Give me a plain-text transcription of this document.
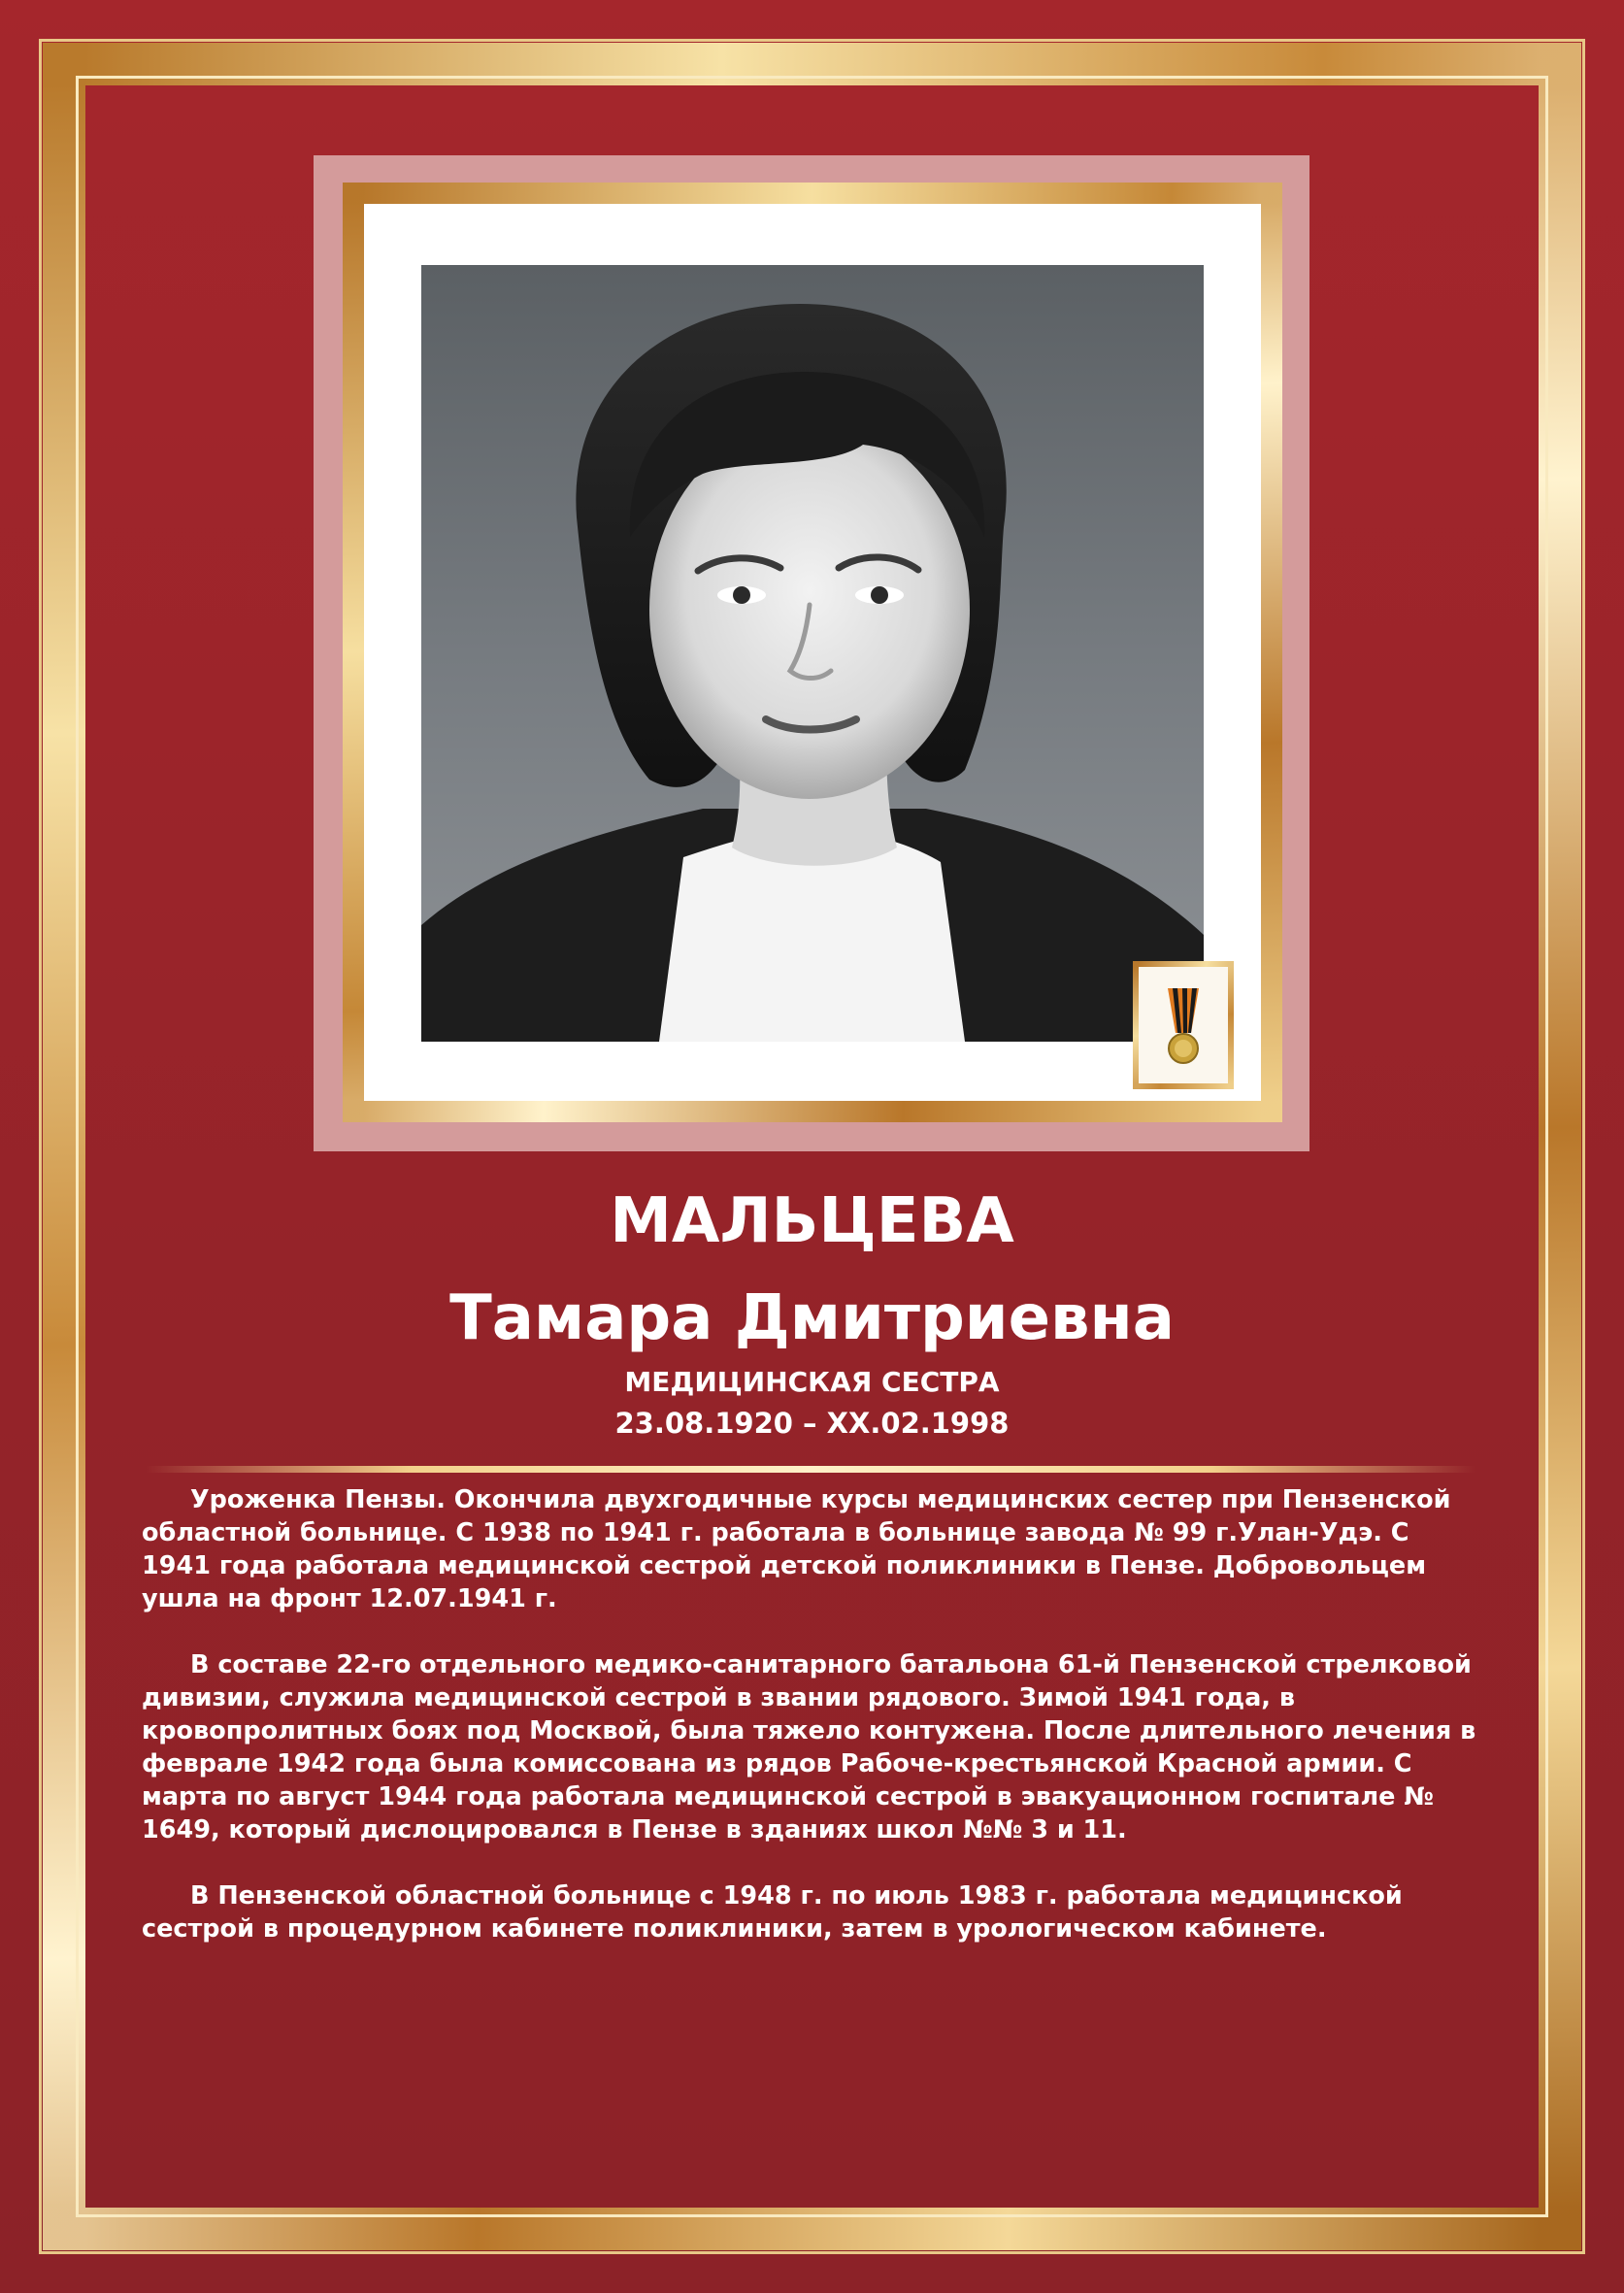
МАЛЬЦЕВА
Тамара Дмитриевна
МЕДИЦИНСКАЯ СЕСТРА
23.08.1920 – ХХ.02.1998

Уроженка Пензы. Окончила двухгодичные курсы медицинских сестер при Пензенской областной больнице. С 1938 по 1941 г. работала в больнице завода № 99 г.Улан-Удэ. С 1941 года работала медицинской сестрой детской поликлиники в Пензе. Добровольцем ушла на фронт 12.07.1941 г.

В составе 22-го отдельного медико-санитарного батальона 61-й Пензенской стрелковой дивизии, служила медицинской сестрой в звании рядового. Зимой 1941 года, в кровопролитных боях под Москвой, была тяжело контужена. После длительного лечения в феврале 1942 года была комиссована из рядов Рабоче-крестьянской Красной армии. С марта по август 1944 года работала медицинской сестрой в эвакуационном госпитале № 1649, который дислоцировался в Пензе в зданиях школ №№ 3 и 11.

В Пензенской областной больнице с 1948 г. по июль 1983 г. работала медицинской сестрой в процедурном кабинете поликлиники, затем в урологическом кабинете.
